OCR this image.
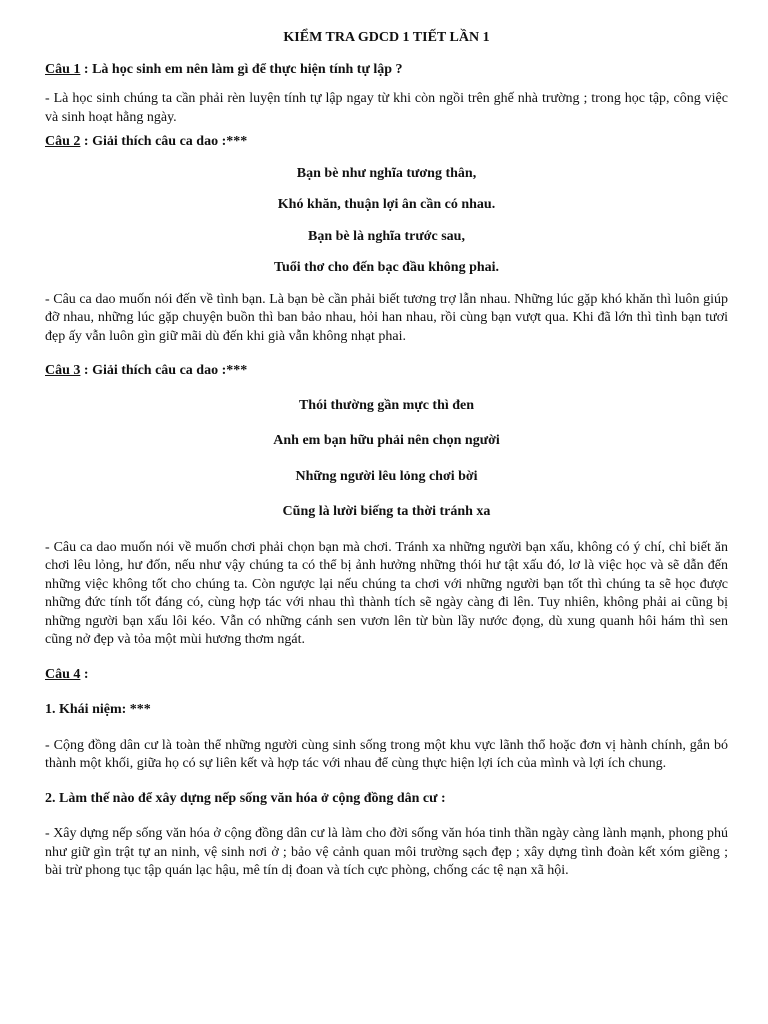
KIỂM TRA GDCD 1 TIẾT LẦN 1

Câu 1 : Là học sinh em nên làm gì để thực hiện tính tự lập ?

- Là học sinh chúng ta cần phải rèn luyện tính tự lập ngay từ khi còn ngồi trên ghế nhà trường ; trong học tập, công việc và sinh hoạt hằng ngày.

Câu 2 : Giải thích câu ca dao :***

Bạn bè như nghĩa tương thân,

Khó khăn, thuận lợi ân cần có nhau.

Bạn bè là nghĩa trước sau,

Tuổi thơ cho đến bạc đầu không phai.

- Câu ca dao muốn nói đến về tình bạn. Là bạn bè cần phải biết tương trợ lẫn nhau. Những lúc gặp khó khăn thì luôn giúp đỡ nhau, những lúc gặp chuyện buồn thì ban bảo nhau, hỏi han nhau, rồi cùng bạn vượt qua. Khi đã lớn thì tình bạn tươi đẹp ấy vẫn luôn gìn giữ mãi dù đến khi già vẫn không nhạt phai.

Câu 3 : Giải thích câu ca dao :***

Thói thường gần mực thì đen

Anh em bạn hữu phải nên chọn người

Những người lêu lỏng chơi bời

Cũng là lười biếng ta thời tránh xa

- Câu ca dao muốn nói về muốn chơi phải chọn bạn mà chơi. Tránh xa những người bạn xấu, không có ý chí, chỉ biết ăn chơi lêu lỏng, hư đốn, nếu như vậy chúng ta có thể bị ảnh hưởng những thói hư tật xấu đó, lơ là việc học và sẽ dẫn đến những việc không tốt cho chúng ta. Còn ngược lại nếu chúng ta chơi với những người bạn tốt thì chúng ta sẽ học được những đức tính tốt đáng có, cùng hợp tác với nhau thì thành tích sẽ ngày càng đi lên. Tuy nhiên, không phải ai cũng bị những người bạn xấu lôi kéo. Vẫn có những cánh sen vươn lên từ bùn lầy nước đọng, dù xung quanh hôi hám thì sen cũng nở đẹp và tỏa một mùi hương thơm ngát.

Câu 4 :

1. Khái niệm: ***

- Cộng đồng dân cư là toàn thể những người cùng sinh sống trong một khu vực lãnh thổ hoặc đơn vị hành chính, gắn bó thành một khối, giữa họ có sự liên kết và hợp tác với nhau để cùng thực hiện lợi ích của mình và lợi ích chung.

2. Làm thế nào để xây dựng nếp sống văn hóa ở cộng đồng dân cư :

- Xây dựng nếp sống văn hóa ở cộng đồng dân cư là làm cho đời sống văn hóa tinh thần ngày càng lành mạnh, phong phú như giữ gìn trật tự an ninh, vệ sinh nơi ở ; bảo vệ cảnh quan môi trường sạch đẹp ; xây dựng tình đoàn kết xóm giềng ; bài trừ phong tục tập quán lạc hậu, mê tín dị đoan và tích cực phòng, chống các tệ nạn xã hội.
